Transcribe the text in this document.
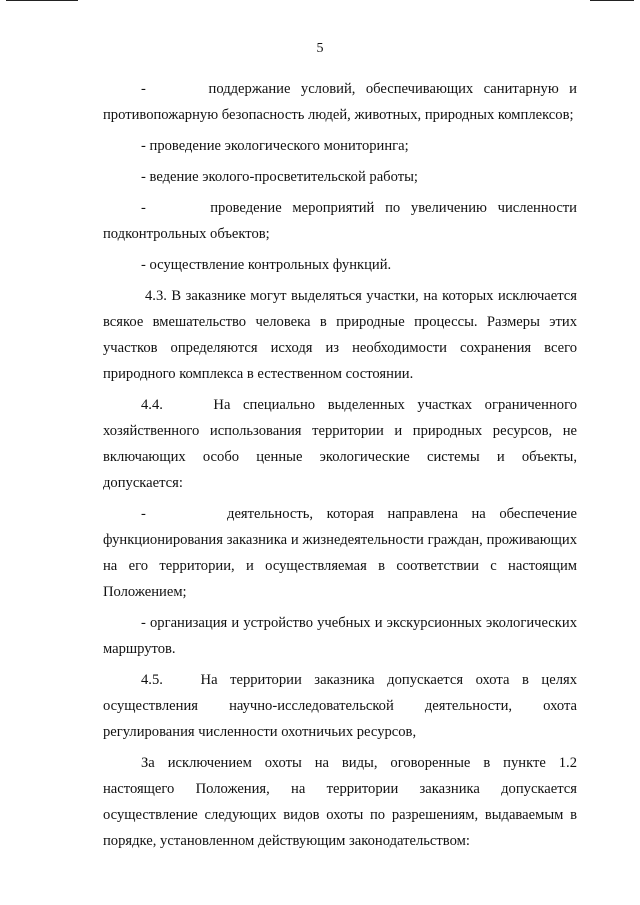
5

-      поддержание условий, обеспечивающих санитарную и противопожарную безопасность людей, животных, природных комплексов;

- проведение экологического мониторинга;

- ведение эколого-просветительской работы;

-      проведение мероприятий по увеличению численности подконтрольных объектов;

- осуществление контрольных функций.

4.3. В заказнике могут выделяться участки, на которых исключается всякое вмешательство человека в природные процессы. Размеры этих участков определяются исходя из необходимости сохранения всего природного комплекса в естественном состоянии.

4.4.    На специально выделенных участках ограниченного хозяйственного использования территории и природных ресурсов, не включающих особо ценные экологические системы и объекты, допускается:

-      деятельность, которая направлена на обеспечение функционирования заказника и жизнедеятельности граждан, проживающих на его территории, и осуществляемая в соответствии с настоящим Положением;

- организация и устройство учебных и экскурсионных экологических маршрутов.

4.5.   На территории заказника допускается охота в целях осуществления научно-исследовательской деятельности, охота регулирования численности охотничьих ресурсов,

За исключением охоты на виды, оговоренные в пункте 1.2 настоящего Положения, на территории заказника допускается осуществление следующих видов охоты по разрешениям, выдаваемым в порядке, установленном действующим законодательством:
